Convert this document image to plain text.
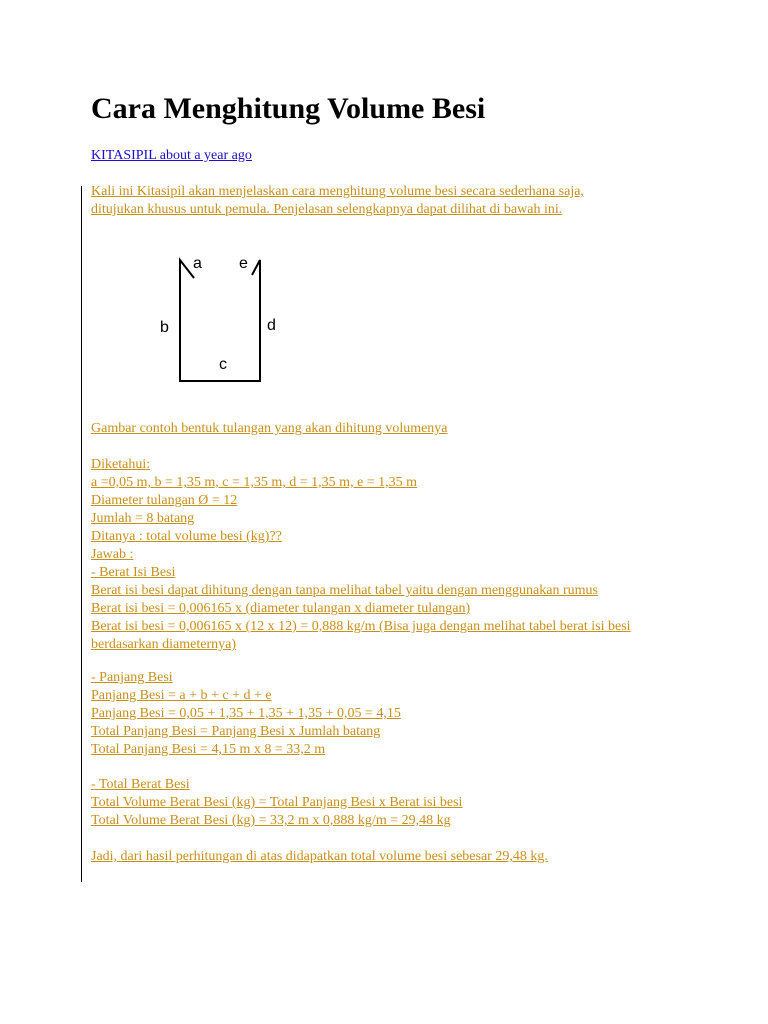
Cara Menghitung Volume Besi
KITASIPIL about a year ago
Kali ini Kitasipil akan menjelaskan cara menghitung volume besi secara sederhana saja,
ditujukan khusus untuk pemula. Penjelasan selengkapnya dapat dilihat di bawah ini.
a e
b	d
c
Gambar contoh bentuk tulangan yang akan dihitung volumenya
Diketahui:
a =0,05 m, b = 1,35 m, c = 1,35 m, d = 1,35 m, e = 1,35 m
Diameter tulangan Ø = 12
Jumlah = 8 batang
Ditanya : total volume besi (kg)??
Jawab :
- Berat Isi Besi
Berat isi besi dapat dihitung dengan tanpa melihat tabel yaitu dengan menggunakan rumus
Berat isi besi = 0,006165 x (diameter tulangan x diameter tulangan)
Berat isi besi = 0,006165 x (12 x 12) = 0,888 kg/m (Bisa juga dengan melihat tabel berat isi besi
berdasarkan diameternya)
- Panjang Besi
Panjang Besi = a + b + c + d + e
Panjang Besi = 0,05 + 1,35 + 1,35 + 1,35 + 0,05 = 4,15
Total Panjang Besi = Panjang Besi x Jumlah batang
Total Panjang Besi = 4,15 m x 8 = 33,2 m
- Total Berat Besi
Total Volume Berat Besi (kg) = Total Panjang Besi x Berat isi besi
Total Volume Berat Besi (kg) = 33,2 m x 0,888 kg/m = 29,48 kg
Jadi, dari hasil perhitungan di atas didapatkan total volume besi sebesar 29,48 kg.
